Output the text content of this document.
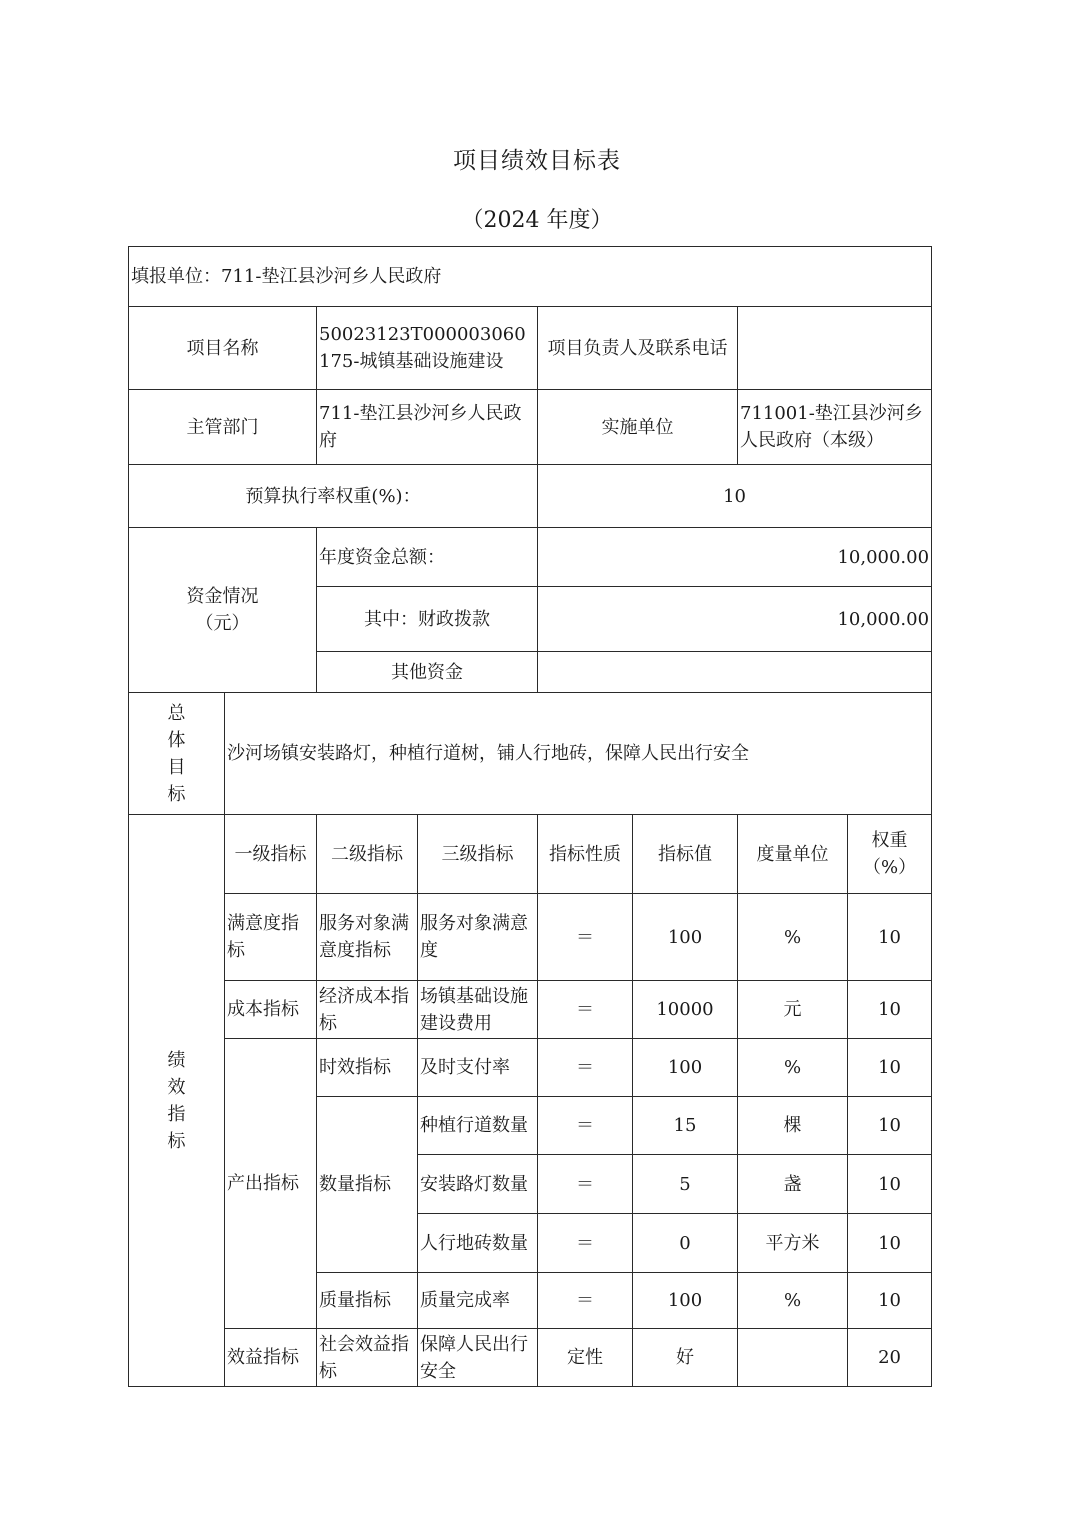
项目绩效目标表
（2024 年度）
填报单位：711-垫江县沙河乡人民政府							
项目名称		50023123T000003060175-城镇基础设施建设		项目负责人及联系电话			
主管部门		711-垫江县沙河乡人民政府		实施单位		711001-垫江县沙河乡人民政府（本级）	
预算执行率权重(%)：				10			
资金情况（元）		年度资金总额：		10,000.00			
		其中：财政拨款		10,000.00			
		其他资金					
总体目标	沙河场镇安装路灯，种植行道树，铺人行地砖，保障人民出行安全						
绩效指标	一级指标	二级指标	三级指标	指标性质	指标值	度量单位	权重（%）
	满意度指标	服务对象满意度指标	服务对象满意度	＝	100	%	10
	成本指标	经济成本指标	场镇基础设施建设费用	＝	10000	元	10
	产出指标	时效指标	及时支付率	＝	100	%	10
		数量指标	种植行道数量	＝	15	棵	10
			安装路灯数量	＝	5	盏	10
			人行地砖数量	＝	0	平方米	10
		质量指标	质量完成率	＝	100	%	10
	效益指标	社会效益指标	保障人民出行安全	定性	好		20
